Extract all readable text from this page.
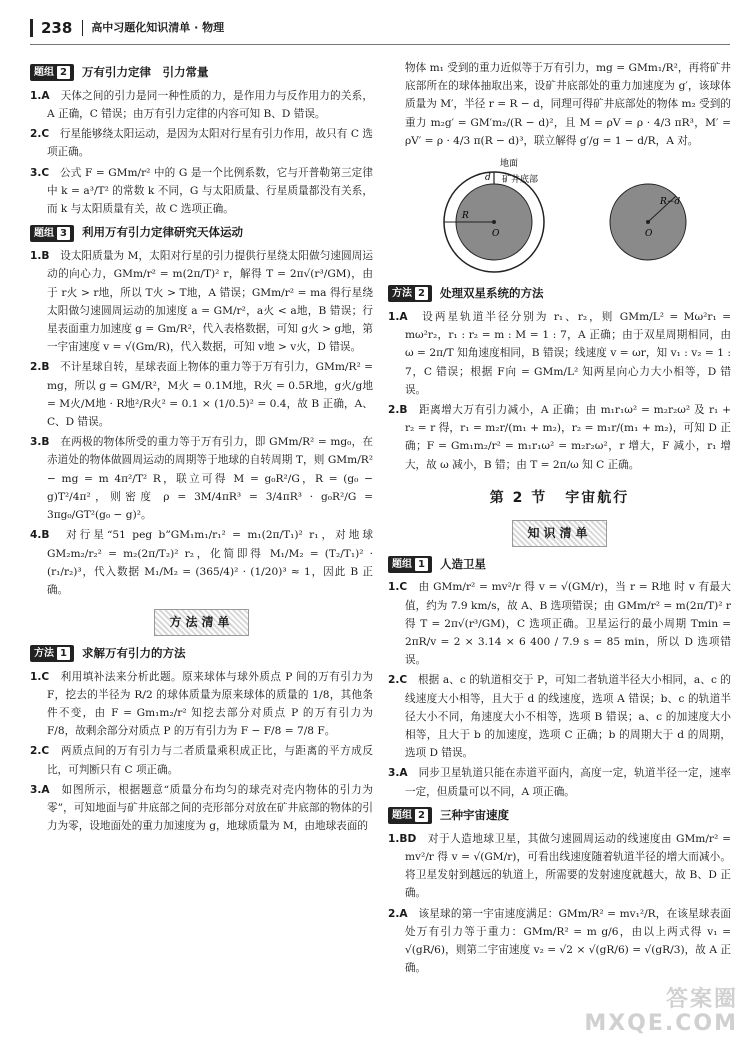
238	高中习题化知识清单 · 物理
题组 2 万有引力定律　引力常量

1.A　天体之间的引力是同一种性质的力，是作用力与反作用力的关系，A 正确，C 错误；由万有引力定律的内容可知 B、D 错误。

2.C　行星能够绕太阳运动，是因为太阳对行星有引力作用，故只有 C 选项正确。

3.C　公式 F = GMm/r² 中的 G 是一个比例系数，它与开普勒第三定律中 k = a³/T² 的常数 k 不同，G 与太阳质量、行星质量都没有关系，而 k 与太阳质量有关，故 C 选项正确。

题组 3 利用万有引力定律研究天体运动

1.B　设太阳质量为 M，太阳对行星的引力提供行星绕太阳做匀速圆周运动的向心力，GMm/r² = m(2π/T)² r，解得 T = 2π√(r³/GM)，由于 r火 > r地，所以 T火 > T地，A 错误；GMm/r² = ma 得行星绕太阳做匀速圆周运动的加速度 a = GM/r²，a火 < a地，B 错误；行星表面重力加速度 g = Gm/R²，代入表格数据，可知 g火 > g地，第一宇宙速度 v = √(Gm/R)，代入数据，可知 v地 > v火，D 错误。

2.B　不计星球自转，星球表面上物体的重力等于万有引力，GMm/R² = mg，所以 g = GM/R²，M火 = 0.1M地，R火 = 0.5R地，g火/g地 = M火/M地 · R地²/R火² = 0.1 × (1/0.5)² = 0.4，故 B 正确，A、C、D 错误。

3.B　在两极的物体所受的重力等于万有引力，即 GMm/R² = mg₀，在赤道处的物体做圆周运动的周期等于地球的自转周期 T，则 GMm/R² − mg = m 4π²/T² R，联立可得 M = g₀R²/G，R = (g₀ − g)T²/4π²，则密度 ρ = 3M/4πR³ = 3/4πR³ · g₀R²/G = 3πg₀/GT²(g₀ − g)²。

4.B　对行星“51 peg b”GM₁m₁/r₁² = m₁(2π/T₁)² r₁，对地球 GM₂m₂/r₂² = m₂(2π/T₂)² r₂，化简即得 M₁/M₂ = (T₂/T₁)² · (r₁/r₂)³，代入数据 M₁/M₂ = (365/4)² · (1/20)³ ≈ 1，因此 B 正确。

方法清单
方法 1 求解万有引力的方法

1.C　利用填补法来分析此题。原来球体与球外质点 P 间的万有引力为 F，挖去的半径为 R/2 的球体质量为原来球体的质量的 1/8，其他条件不变，由 F = Gm₁m₂/r² 知挖去部分对质点 P 的万有引力为 F/8，故剩余部分对质点 P 的万有引力为 F − F/8 = 7/8 F。

2.C　两质点间的万有引力与二者质量乘积成正比，与距离的平方成反比，可判断只有 C 项正确。

3.A　如图所示，根据题意“质量分布均匀的球壳对壳内物体的引力为零”，可知地面与矿井底部之间的壳形部分对放在矿井底部的物体的引力为零，设地面处的重力加速度为 g，地球质量为 M，由地球表面的

物体 m₁ 受到的重力近似等于万有引力，mg = GMm₁/R²，再将矿井底部所在的球体抽取出来，设矿井底部处的重力加速度为 g′，该球体质量为 M′，半径 r = R − d，同理可得矿井底部处的物体 m₂ 受到的重力 m₂g′ = GM′m₂/(R − d)²，且 M = ρV = ρ · 4/3 πR³，M′ = ρV′ = ρ · 4/3 π(R − d)³，联立解得 g′/g = 1 − d/R，A 对。

地面
矿井底部
d
R
O
R−d
O
方法 2 处理双星系统的方法

1.A　设两星轨道半径分别为 r₁、r₂，则 GMm/L² = Mω²r₁ = mω²r₂，r₁ : r₂ = m : M = 1 : 7，A 正确；由于双星周期相同，由 ω = 2π/T 知角速度相同，B 错误；线速度 v = ωr，知 v₁ : v₂ = 1 : 7，C 错误；根据 F向 = GMm/L² 知两星向心力大小相等，D 错误。

2.B　距离增大万有引力减小，A 正确；由 m₁r₁ω² = m₂r₂ω² 及 r₁ + r₂ = r 得，r₁ = m₂r/(m₁ + m₂)，r₂ = m₁r/(m₁ + m₂)，可知 D 正确；F = Gm₁m₂/r² = m₁r₁ω² = m₂r₂ω²，r 增大，F 减小，r₁ 增大，故 ω 减小，B 错；由 T = 2π/ω 知 C 正确。

第 2 节 宇宙航行
知识清单
题组 1 人造卫星

1.C　由 GMm/r² = mv²/r 得 v = √(GM/r)，当 r = R地 时 v 有最大值，约为 7.9 km/s，故 A、B 选项错误；由 GMm/r² = m(2π/T)² r 得 T = 2π√(r³/GM)，C 选项正确。卫星运行的最小周期 Tmin = 2πR/v = 2 × 3.14 × 6 400 / 7.9 s = 85 min，所以 D 选项错误。

2.C　根据 a、c 的轨道相交于 P，可知二者轨道半径大小相同，a、c 的线速度大小相等，且大于 d 的线速度，选项 A 错误；b、c 的轨道半径大小不同，角速度大小不相等，选项 B 错误；a、c 的加速度大小相等，且大于 b 的加速度，选项 C 正确；b 的周期大于 d 的周期，选项 D 错误。

3.A　同步卫星轨道只能在赤道平面内，高度一定，轨道半径一定，速率一定，但质量可以不同，A 项正确。

题组 2 三种宇宙速度

1.BD　对于人造地球卫星，其做匀速圆周运动的线速度由 GMm/r² = mv²/r 得 v = √(GM/r)，可看出线速度随着轨道半径的增大而减小。将卫星发射到越远的轨道上，所需要的发射速度就越大，故 B、D 正确。

2.A　该星球的第一宇宙速度满足：GMm/R² = mv₁²/R，在该星球表面处万有引力等于重力：GMm/R² = m g/6，由以上两式得 v₁ = √(gR/6)，则第二宇宙速度 v₂ = √2 × √(gR/6) = √(gR/3)，故 A 正确。

答案圈
MXQE.COM
